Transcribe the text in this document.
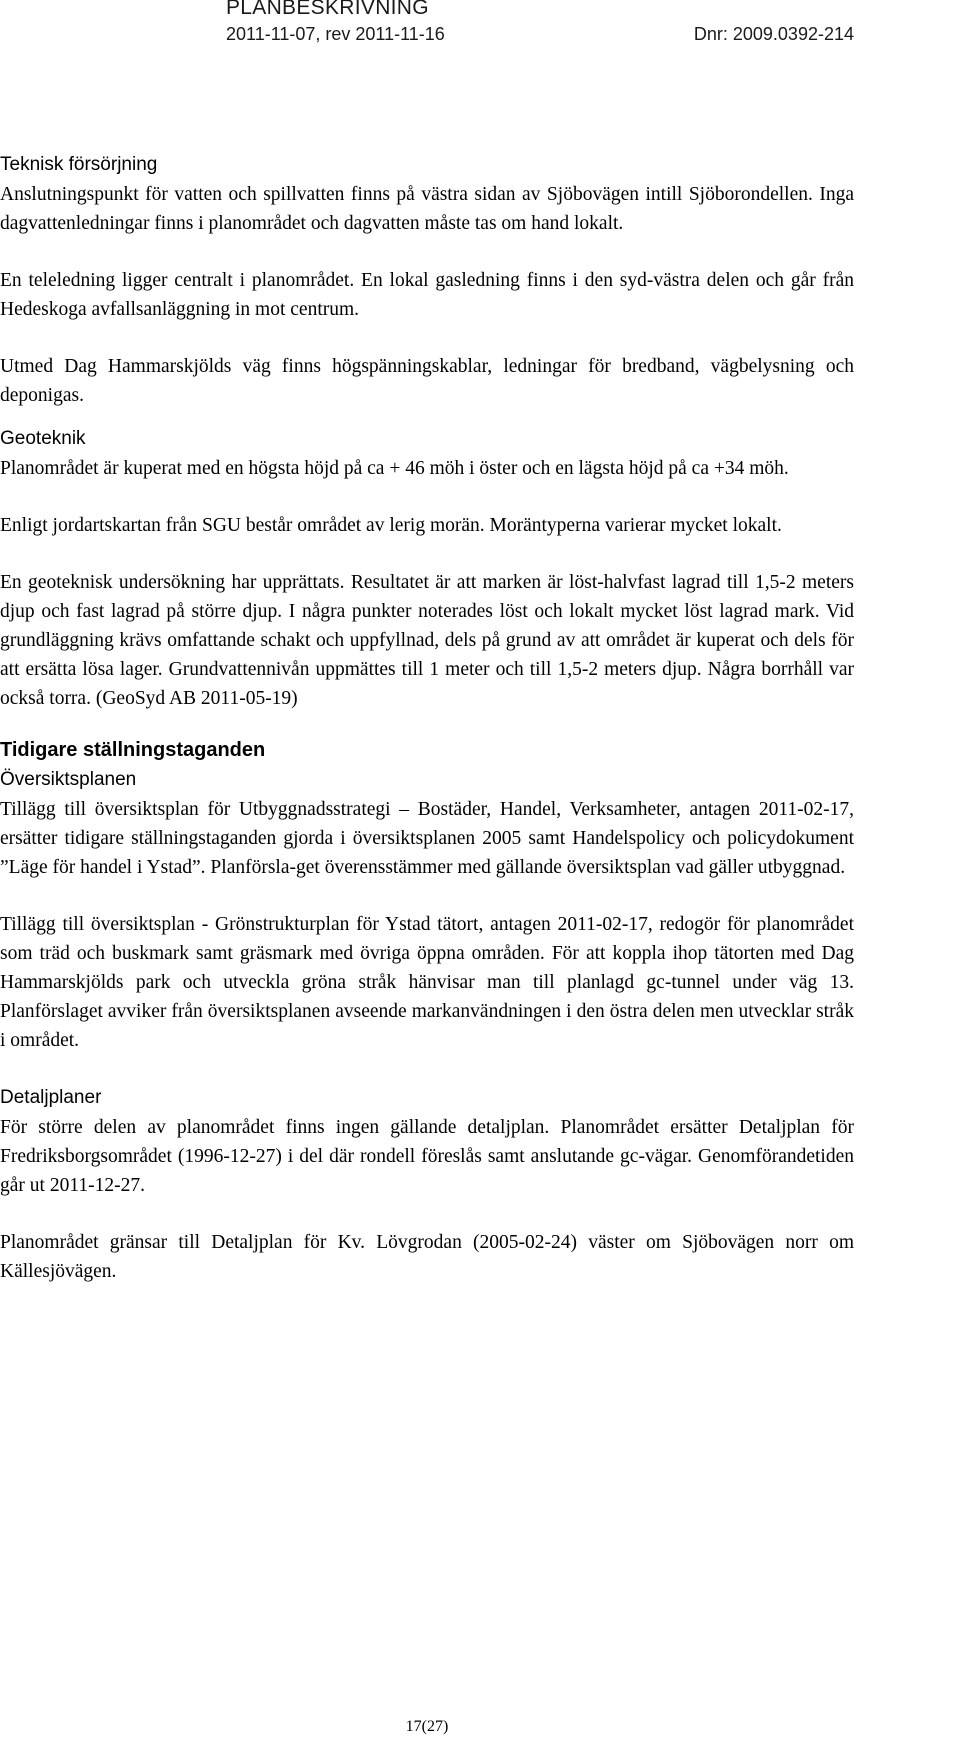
PLANBESKRIVNING
2011-11-07, rev 2011-11-16	Dnr: 2009.0392-214
Teknisk försörjning

Anslutningspunkt för vatten och spillvatten finns på västra sidan av Sjöbovägen intill Sjöborondellen. Inga dagvattenledningar finns i planområdet och dagvatten måste tas om hand lokalt.

En teleledning ligger centralt i planområdet. En lokal gasledning finns i den syd-västra delen och går från Hedeskoga avfallsanläggning in mot centrum.

Utmed Dag Hammarskjölds väg finns högspänningskablar, ledningar för bredband, vägbelysning och deponigas.

Geoteknik

Planområdet är kuperat med en högsta höjd på ca + 46 möh i öster och en lägsta höjd på ca +34 möh.

Enligt jordartskartan från SGU består området av lerig morän. Moräntyperna varierar mycket lokalt.

En geoteknisk undersökning har upprättats. Resultatet är att marken är löst-halvfast lagrad till 1,5-2 meters djup och fast lagrad på större djup. I några punkter noterades löst och lokalt mycket löst lagrad mark. Vid grundläggning krävs omfattande schakt och uppfyllnad, dels på grund av att området är kuperat och dels för att ersätta lösa lager. Grundvattennivån uppmättes till 1 meter och till 1,5-2 meters djup. Några borrhåll var också torra. (GeoSyd AB 2011-05-19)

Tidigare ställningstaganden
Översiktsplanen

Tillägg till översiktsplan för Utbyggnadsstrategi – Bostäder, Handel, Verksamheter, antagen 2011-02-17, ersätter tidigare ställningstaganden gjorda i översiktsplanen 2005 samt Handelspolicy och policydokument ”Läge för handel i Ystad”. Planförsla-get överensstämmer med gällande översiktsplan vad gäller utbyggnad.

Tillägg till översiktsplan - Grönstrukturplan för Ystad tätort, antagen 2011-02-17, redogör för planområdet som träd och buskmark samt gräsmark med övriga öppna områden. För att koppla ihop tätorten med Dag Hammarskjölds park och utveckla gröna stråk hänvisar man till planlagd gc-tunnel under väg 13. Planförslaget avviker från översiktsplanen avseende markanvändningen i den östra delen men utvecklar stråk i området.

Detaljplaner

För större delen av planområdet finns ingen gällande detaljplan. Planområdet ersätter Detaljplan för Fredriksborgsområdet (1996-12-27) i del där rondell föreslås samt anslutande gc-vägar. Genomförandetiden går ut 2011-12-27.

Planområdet gränsar till Detaljplan för Kv. Lövgrodan (2005-02-24) väster om Sjöbovägen norr om Källesjövägen.

17(27)
